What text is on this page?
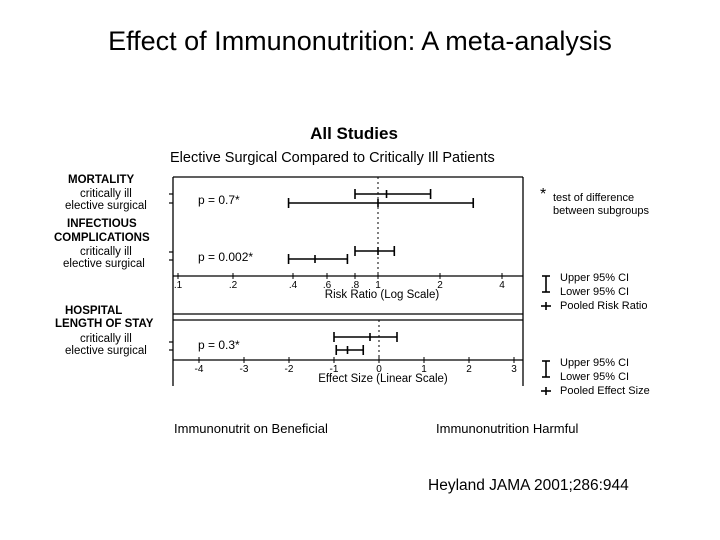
Effect of Immunonutrition: A meta-analysis
All Studies
Elective Surgical Compared to Critically Ill Patients
MORTALITY
critically ill
elective surgical
INFECTIOUS
COMPLICATIONS
critically ill
elective surgical
HOSPITAL
LENGTH OF STAY
critically ill
elective surgical
p = 0.7*
p = 0.002*
p = 0.3*
* test of difference
between subgroups
Upper 95% CI
Lower 95% CI
Pooled Risk Ratio
Upper 95% CI
Lower 95% CI
Pooled Effect Size
Immunonutrit on Beneficial	Immunonutrition Harmful
Heyland JAMA 2001;286:944
.1	.2	.4	.6 .8 1	2	4
Risk Ratio (Log Scale)
-4	-3	-2	-1	0	1	2	3
Effect Size (Linear Scale)
